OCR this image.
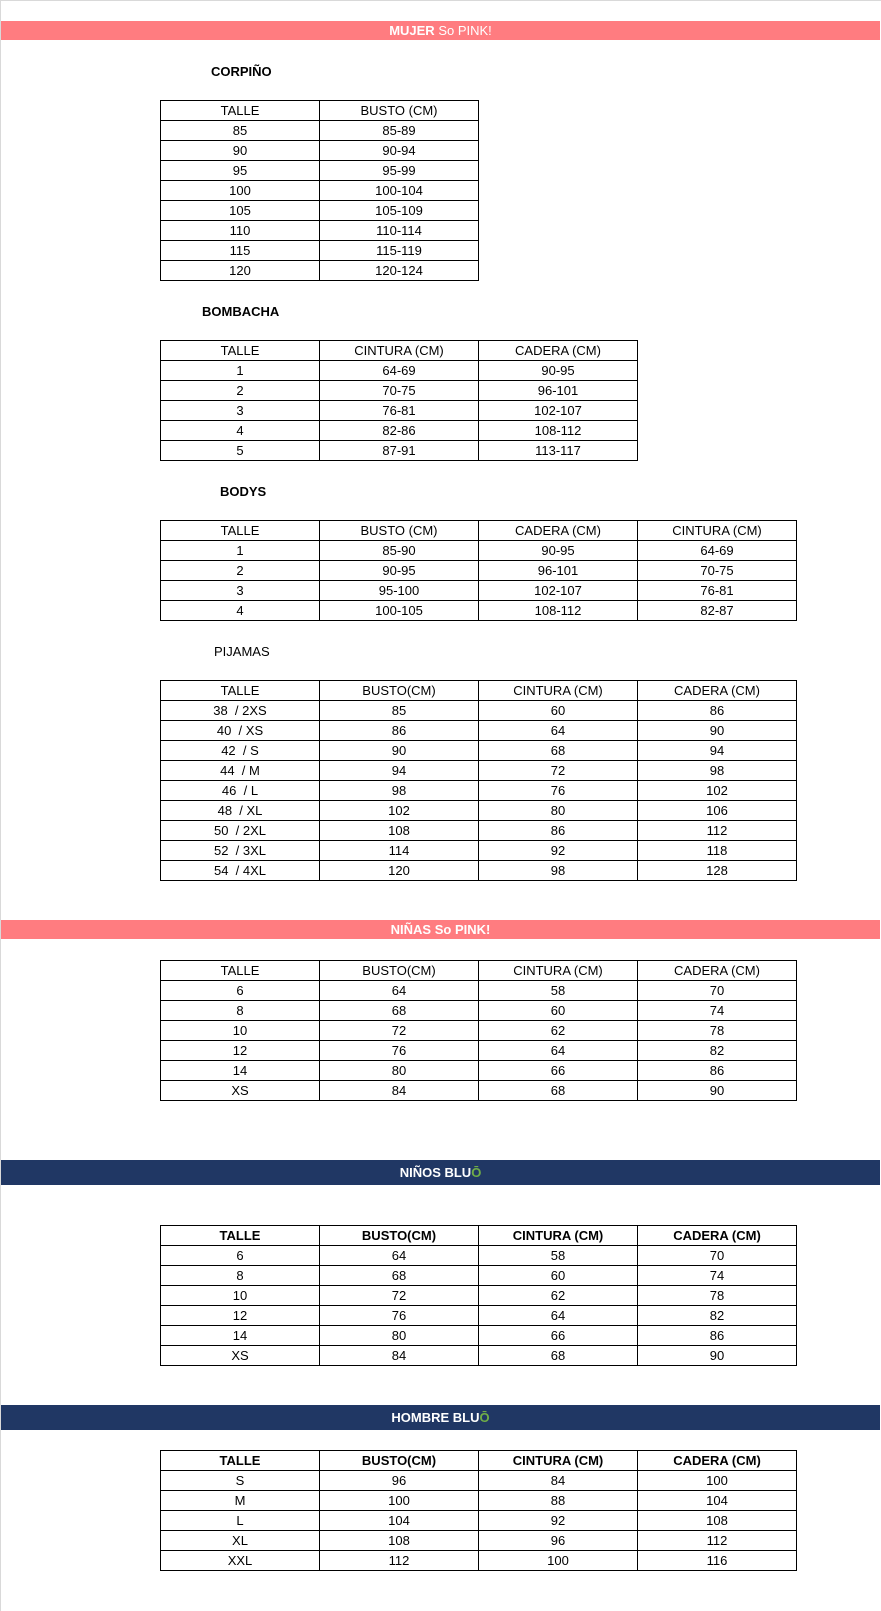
MUJER So PINK!
CORPIÑO
TALLE	BUSTO (CM)
85	85-89
90	90-94
95	95-99
100	100-104
105	105-109
110	110-114
115	115-119
120	120-124
BOMBACHA
TALLE	CINTURA (CM)	CADERA (CM)
1	64-69	90-95
2	70-75	96-101
3	76-81	102-107
4	82-86	108-112
5	87-91	113-117
BODYS
TALLE	BUSTO (CM)	CADERA (CM)	CINTURA (CM)
1	85-90	90-95	64-69
2	90-95	96-101	70-75
3	95-100	102-107	76-81
4	100-105	108-112	82-87
PIJAMAS
TALLE	BUSTO(CM)	CINTURA (CM)	CADERA (CM)
38  / 2XS	85	60	86
40  / XS	86	64	90
42  / S	90	68	94
44  / M	94	72	98
46  / L	98	76	102
48  / XL	102	80	106
50  / 2XL	108	86	112
52  / 3XL	114	92	118
54  / 4XL	120	98	128
NIÑAS So PINK!
TALLE	BUSTO(CM)	CINTURA (CM)	CADERA (CM)
6	64	58	70
8	68	60	74
10	72	62	78
12	76	64	82
14	80	66	86
XS	84	68	90
NIÑOS BLUŌ
TALLE	BUSTO(CM)	CINTURA (CM)	CADERA (CM)
6	64	58	70
8	68	60	74
10	72	62	78
12	76	64	82
14	80	66	86
XS	84	68	90
HOMBRE BLUŌ
TALLE	BUSTO(CM)	CINTURA (CM)	CADERA (CM)
S	96	84	100
M	100	88	104
L	104	92	108
XL	108	96	112
XXL	112	100	116
